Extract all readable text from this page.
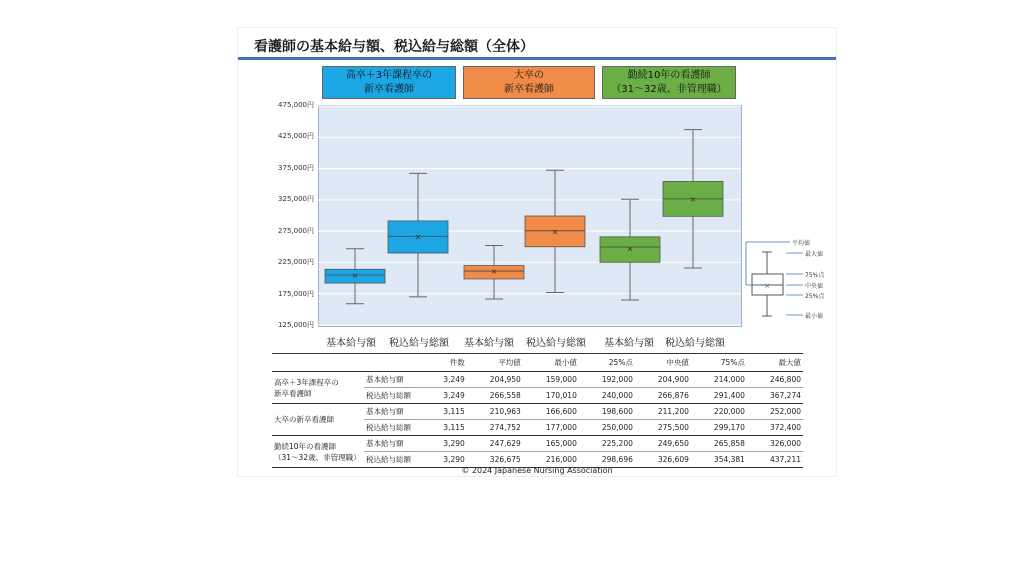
看護師の基本給与額、税込給与総額（全体）
高卒＋3年課程卒の
新卒看護師
大卒の
新卒看護師
勤続10年の看護師
（31～32歳、非管理職）
125,000円
175,000円
225,000円
275,000円
325,000円
375,000円
425,000円
475,000円
×
×
×
×
×
×
基本給与額 税込給与総額 基本給与額 税込給与総額 基本給与額 税込給与総額
×
平均値
最大値
75%点
中央値
25%点
最小値
		件数	平均値	最小値	25%点	中央値	75%点	最大値

高卒＋3年課程卒の
新卒看護師	基本給与額	3,249	204,950	159,000	192,000	204,900	214,000	246,800
	税込給与総額	3,249	266,558	170,010	240,000	266,876	291,400	367,274

大卒の新卒看護師	基本給与額	3,115	210,963	166,600	198,600	211,200	220,000	252,000
	税込給与総額	3,115	274,752	177,000	250,000	275,500	299,170	372,400

勤続10年の看護師
（31～32歳、非管理職）	基本給与額	3,290	247,629	165,000	225,200	249,650	265,858	326,000
	税込給与総額	3,290	326,675	216,000	298,696	326,609	354,381	437,211
© 2024 Japanese Nursing Association
